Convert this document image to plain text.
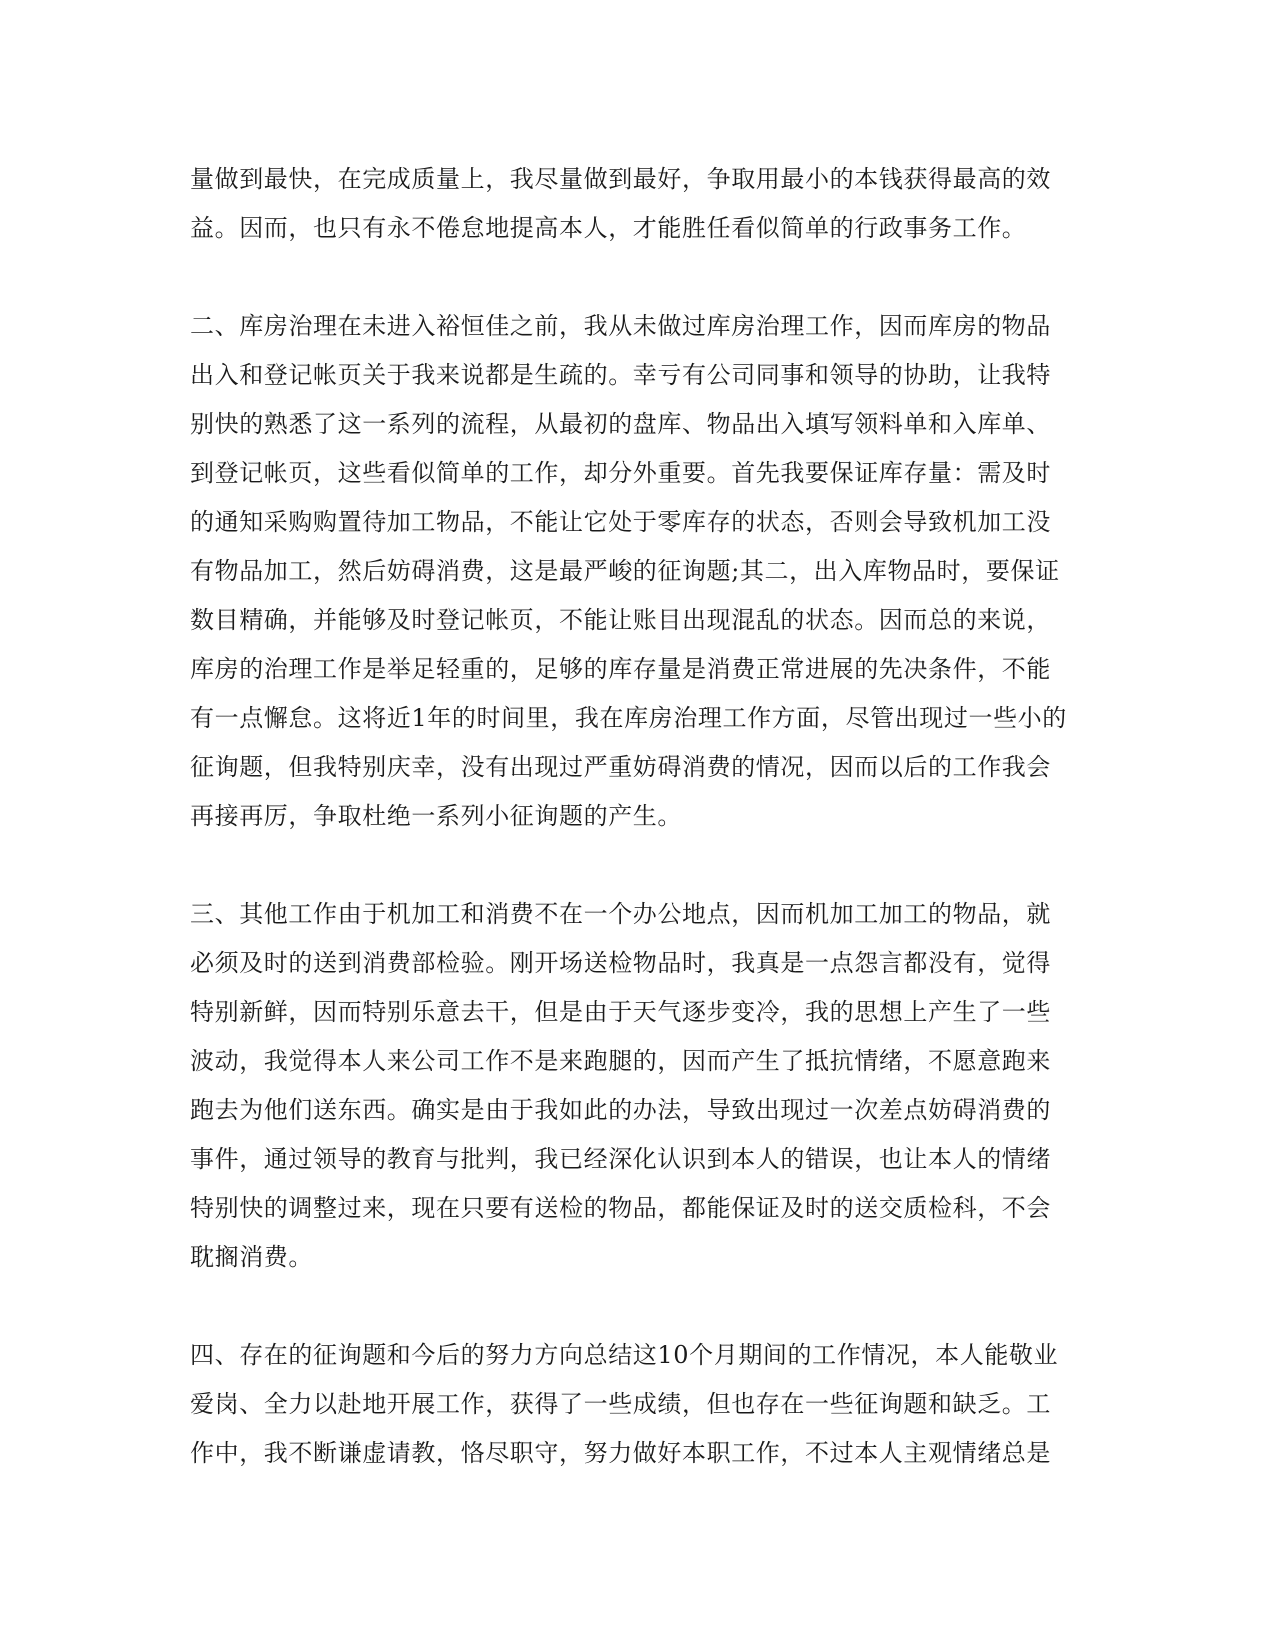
量做到最快，在完成质量上，我尽量做到最好，争取用最小的本钱获得最高的效
益。因而，也只有永不倦怠地提高本人，才能胜任看似简单的行政事务工作。
二、库房治理在未进入裕恒佳之前，我从未做过库房治理工作，因而库房的物品
出入和登记帐页关于我来说都是生疏的。幸亏有公司同事和领导的协助，让我特
别快的熟悉了这一系列的流程，从最初的盘库、物品出入填写领料单和入库单、
到登记帐页，这些看似简单的工作，却分外重要。首先我要保证库存量：需及时
的通知采购购置待加工物品，不能让它处于零库存的状态，否则会导致机加工没
有物品加工，然后妨碍消费，这是最严峻的征询题;其二，出入库物品时，要保证
数目精确，并能够及时登记帐页，不能让账目出现混乱的状态。因而总的来说，
库房的治理工作是举足轻重的，足够的库存量是消费正常进展的先决条件，不能
有一点懈怠。这将近1年的时间里，我在库房治理工作方面，尽管出现过一些小的
征询题，但我特别庆幸，没有出现过严重妨碍消费的情况，因而以后的工作我会
再接再厉，争取杜绝一系列小征询题的产生。
三、其他工作由于机加工和消费不在一个办公地点，因而机加工加工的物品，就
必须及时的送到消费部检验。刚开场送检物品时，我真是一点怨言都没有，觉得
特别新鲜，因而特别乐意去干，但是由于天气逐步变冷，我的思想上产生了一些
波动，我觉得本人来公司工作不是来跑腿的，因而产生了抵抗情绪，不愿意跑来
跑去为他们送东西。确实是由于我如此的办法，导致出现过一次差点妨碍消费的
事件，通过领导的教育与批判，我已经深化认识到本人的错误，也让本人的情绪
特别快的调整过来，现在只要有送检的物品，都能保证及时的送交质检科，不会
耽搁消费。
四、存在的征询题和今后的努力方向总结这10个月期间的工作情况，本人能敬业
爱岗、全力以赴地开展工作，获得了一些成绩，但也存在一些征询题和缺乏。工
作中，我不断谦虚请教，恪尽职守，努力做好本职工作，不过本人主观情绪总是
